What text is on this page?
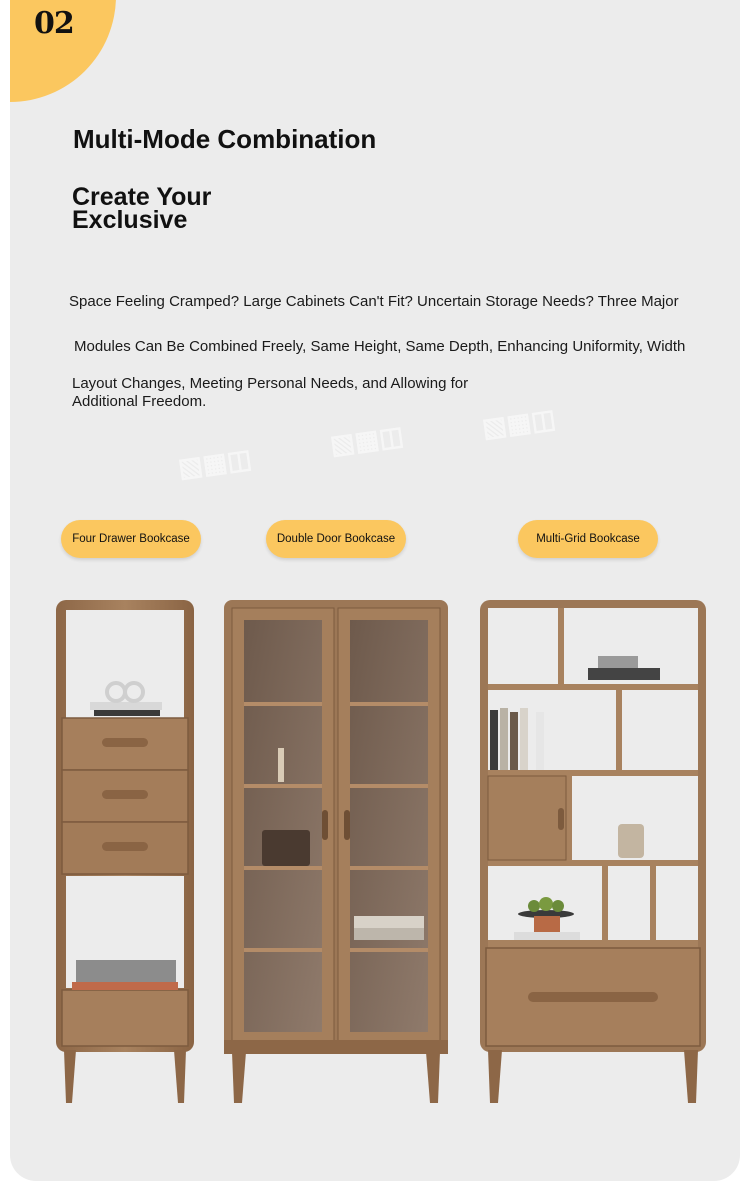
02
Multi-Mode Combination
Create Your
Exclusive
Space Feeling Cramped? Large Cabinets Can't Fit? Uncertain Storage Needs? Three Major
Modules Can Be Combined Freely, Same Height, Same Depth, Enhancing Uniformity, Width
Layout Changes, Meeting Personal Needs, and Allowing for
Additional Freedom.
▧▦◫
▧▦◫	▧▦◫
Four Drawer Bookcase	Double Door Bookcase	Multi-Grid Bookcase
